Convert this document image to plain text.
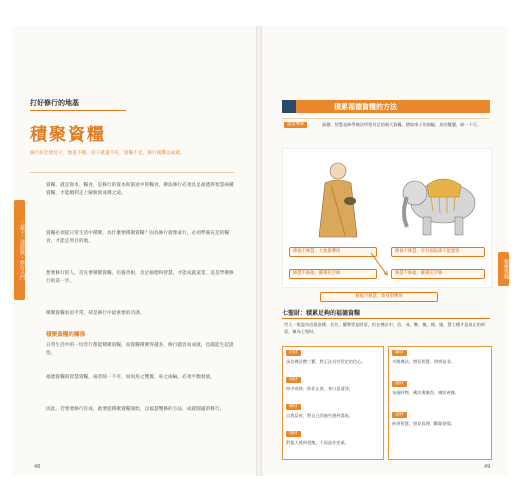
打好修行的地基
積聚資糧
修行好比建房子，地基不穩，房子就蓋不好，資糧不足，修行就難以成就。
資糧，就是資本、糧食，是修行的資本和旅途中的糧食。佛法修行必須具足福德與智慧兩種資糧，才能順利走上解脫與成佛之道。
資糧必須從日常生活中積聚，為什麼要積聚資糧？因為修行就像遠行，必須準備充足的糧食，才能走到目的地。
想要修行的人，首先要積聚資糧，培養善根，具足福德和智慧，才能成就道業，這是學佛修行的第一步。
積聚資糧看似平常，卻是修行中最重要的功課。
積聚資糧的關係
日常生活中的一切善行都能積聚資糧，而資糧積聚得越多，修行越容易成就，也越能生起證悟。
福德資糧與智慧資糧，兩者缺一不可，如同鳥之雙翼、車之兩輪，必須平衡發展。
因此，若想要修行有成，就要從積聚資糧開始，以福慧雙修的方法，成就圓滿的修行。
三藏十二部經典・修行入門
48
積累福德資糧的方法
福慧雙修	福德、智慧是修學佛法所要具足的兩大資糧。猶如車子的兩輪，鳥的雙翼，缺一不可。
修福不修慧，大象掛瓔珞	修福不修慧，享有福報卻不能覺悟
修慧不修福，羅漢托空缽	修慧不修福，羅漢托空缽
修福不修慧，象身掛瓔珞
七聖財：積累足夠的福德資糧
世人一般認為房屋金錢、名位、權勢等是財富，但在佛法中，信、戒、慚、愧、聞、施、慧七種才是真正的財富，稱為七聖財。
信財
深信佛法僧三寶，對正法具有堅定的信心。
戒財
持守戒律，防非止惡，身口意清淨。
慚財
自我反省，對自己的過失感到羞恥。
愧財
對他人感到羞愧，不再造作惡業。
聞財
多聞佛法，增長智慧，明辨是非。
施財
布施財物、佛法與無畏，廣結善緣。
慧財
修習智慧，照見真理，斷除煩惱。
積聚資糧
49
